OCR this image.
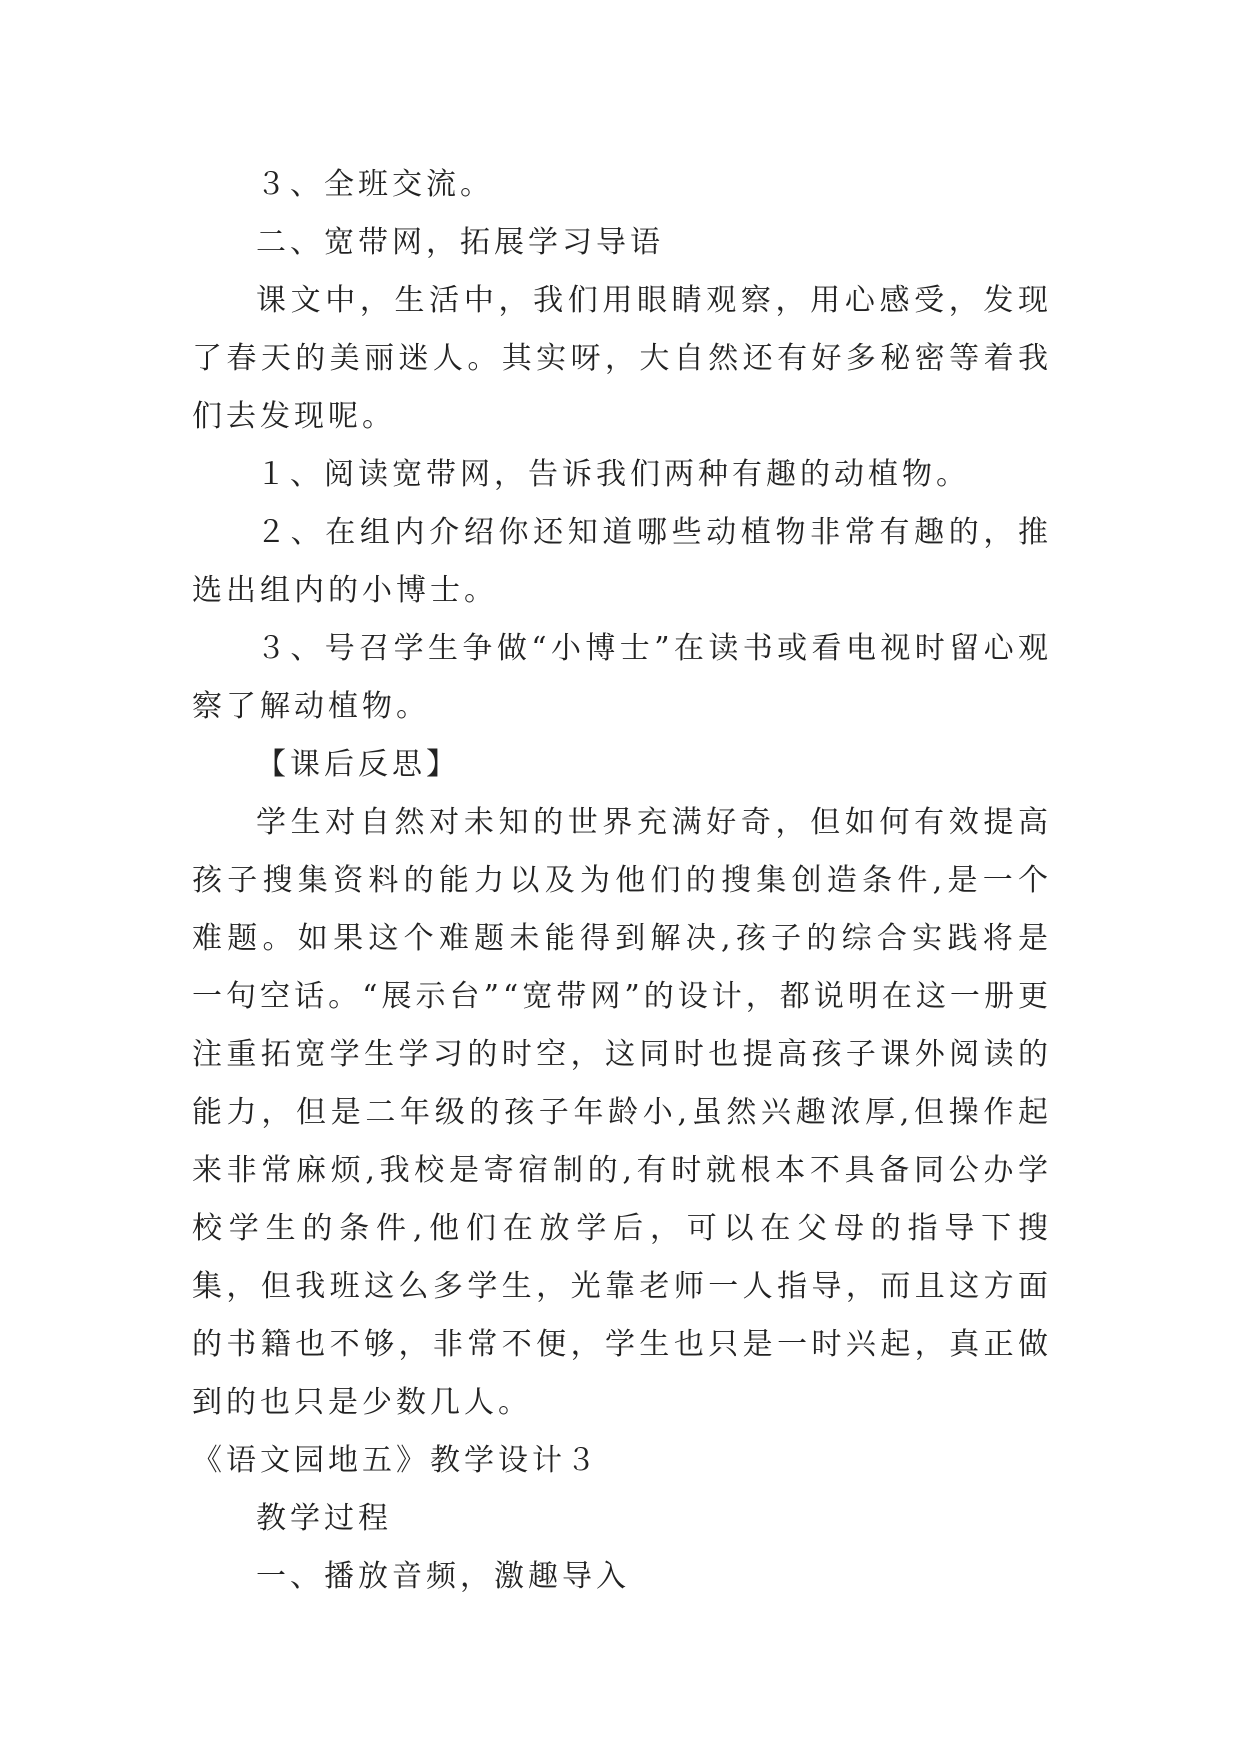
３、全班交流。

二、宽带网，拓展学习导语

课文中，生活中，我们用眼睛观察，用心感受，发现了春天的美丽迷人。其实呀，大自然还有好多秘密等着我们去发现呢。

１、阅读宽带网，告诉我们两种有趣的动植物。

２、在组内介绍你还知道哪些动植物非常有趣的，推选出组内的小博士。

３、号召学生争做“小博士”在读书或看电视时留心观察了解动植物。

【课后反思】

学生对自然对未知的世界充满好奇，但如何有效提高孩子搜集资料的能力以及为他们的搜集创造条件,是一个难题。如果这个难题未能得到解决,孩子的综合实践将是一句空话。“展示台”“宽带网”的设计，都说明在这一册更注重拓宽学生学习的时空，这同时也提高孩子课外阅读的能力，但是二年级的孩子年龄小,虽然兴趣浓厚,但操作起来非常麻烦,我校是寄宿制的,有时就根本不具备同公办学校学生的条件,他们在放学后，可以在父母的指导下搜集，但我班这么多学生，光靠老师一人指导，而且这方面的书籍也不够，非常不便，学生也只是一时兴起，真正做到的也只是少数几人。

《语文园地五》教学设计３

教学过程

一、播放音频，激趣导入
